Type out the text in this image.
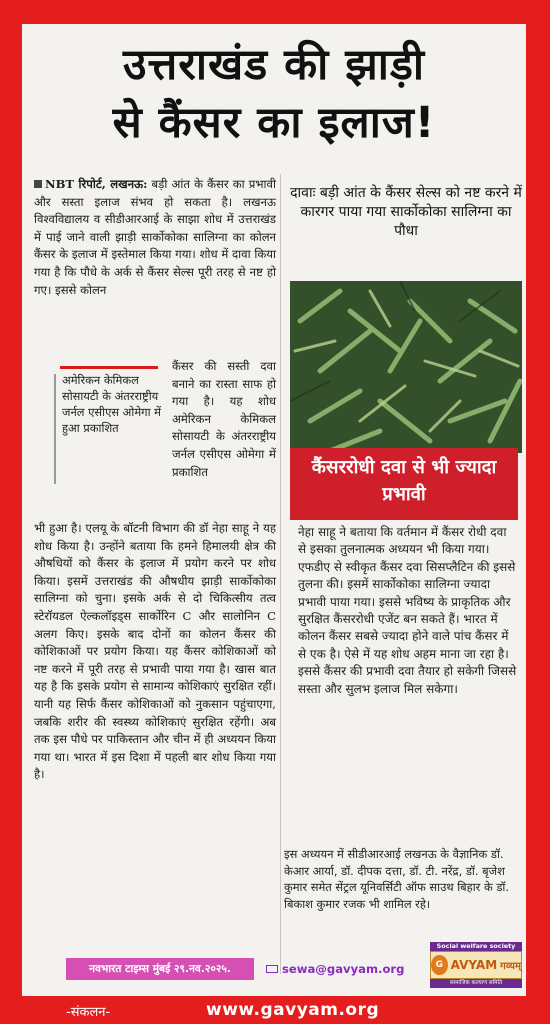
उत्तराखंड की झाड़ी
से कैंसर का इलाज!
NBT रिपोर्ट, लखनऊ: बड़ी आंत के कैंसर का प्रभावी और सस्ता इलाज संभव हो सकता है। लखनऊ विश्वविद्यालय व सीडीआरआई के साझा शोध में उत्तराखंड में पाई जाने वाली झाड़ी सार्कोकोका सालिग्ना का कोलन कैंसर के इलाज में इस्तेमाल किया गया। शोध में दावा किया गया है कि पौधे के अर्क से कैंसर सेल्स पूरी तरह से नष्ट हो गए। इससे कोलन
अमेरिकन केमिकल सोसायटी के अंतरराष्ट्रीय जर्नल एसीएस ओमेगा में हुआ प्रकाशित
कैंसर की सस्ती दवा बनाने का रास्ता साफ हो गया है। यह शोध अमेरिकन केमिकल सोसायटी के अंतरराष्ट्रीय जर्नल एसीएस ओमेगा में प्रकाशित
भी हुआ है। एलयू के बॉटनी विभाग की डॉ नेहा साहू ने यह शोध किया है। उन्होंने बताया कि हमने हिमालयी क्षेत्र की औषधियों को कैंसर के इलाज में प्रयोग करने पर शोध किया। इसमें उत्तराखंड की औषधीय झाड़ी सार्कोकोका सालिग्ना को चुना। इसके अर्क से दो चिकित्सीय तत्व स्टेरॉयडल ऐल्कलॉइड्स सार्कोरिन C और सालोनिन C अलग किए। इसके बाद दोनों का कोलन कैंसर की कोशिकाओं पर प्रयोग किया। यह कैंसर कोशिकाओं को नष्ट करने में पूरी तरह से प्रभावी पाया गया है। खास बात यह है कि इसके प्रयोग से सामान्य कोशिकाएं सुरक्षित रहीं। यानी यह सिर्फ कैंसर कोशिकाओं को नुकसान पहुंचाएगा, जबकि शरीर की स्वस्थ्य कोशिकाएं सुरक्षित रहेंगी। अब तक इस पौधे पर पाकिस्तान और चीन में ही अध्ययन किया गया था। भारत में इस दिशा में पहली बार शोध किया गया है।
दावाः बड़ी आंत के कैंसर सेल्स को नष्ट करने में कारगर पाया गया सार्कोकोका सालिग्ना का पौधा
कैंसररोधी दवा से भी ज्यादा प्रभावी
नेहा साहू ने बताया कि वर्तमान में कैंसर रोधी दवा से इसका तुलनात्मक अध्ययन भी किया गया। एफडीए से स्वीकृत कैंसर दवा सिसप्लैटिन की इससे तुलना की। इसमें सार्कोकोका सालिग्ना ज्यादा प्रभावी पाया गया। इससे भविष्य के प्राकृतिक और सुरक्षित कैंसररोधी एजेंट बन सकते हैं। भारत में कोलन कैंसर सबसे ज्यादा होने वाले पांच कैंसर में से एक है। ऐसे में यह शोध अहम माना जा रहा है। इससे कैंसर की प्रभावी दवा तैयार हो सकेगी जिससे सस्ता और सुलभ इलाज मिल सकेगा।
इस अध्ययन में सीडीआरआई लखनऊ के वैज्ञानिक डॉ. केआर आर्या, डॉ. दीपक दत्ता, डॉ. टी. नरेंद्र, डॉ. बृजेश कुमार समेत सेंट्रल यूनिवर्सिटी ऑफ साउथ बिहार के डॉ. बिकाश कुमार रजक भी शामिल रहे।
नवभारत टाइम्स मुंबई २९.नव.२०२५.	sewa@gavyam.org
Social welfare society
G AVYAM गव्यम्
सामाजिक कल्याण समिति
-संकलन-	www.gavyam.org
